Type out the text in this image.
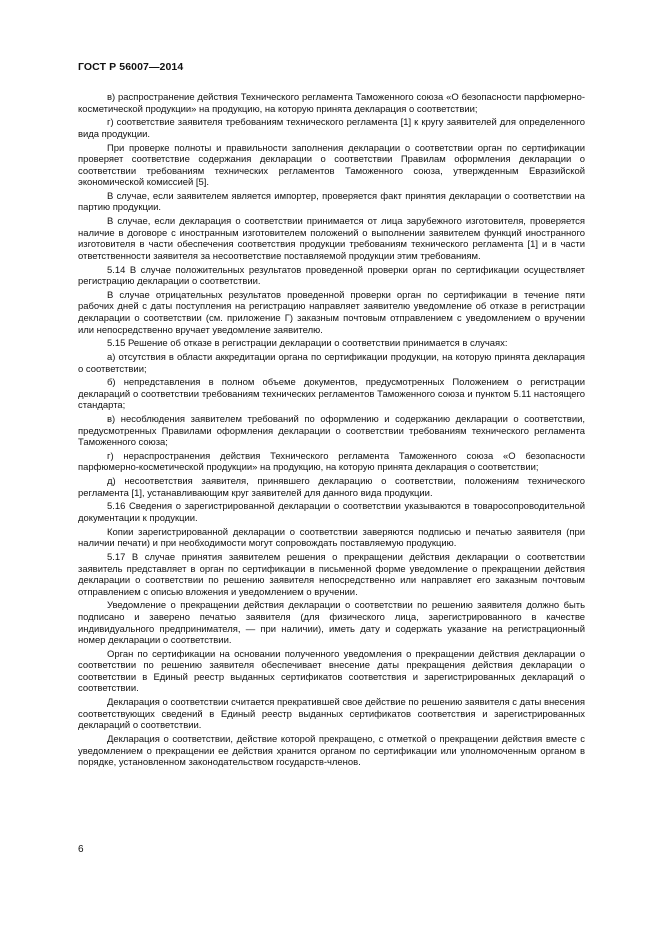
ГОСТ Р 56007—2014

в) распространение действия Технического регламента Таможенного союза «О безопасности парфюмерно-косметической продукции» на продукцию, на которую принята декларация о соответствии;

г) соответствие заявителя требованиям технического регламента [1] к кругу заявителей для определенного вида продукции.

При проверке полноты и правильности заполнения декларации о соответствии орган по сертификации проверяет соответствие содержания декларации о соответствии Правилам оформления декларации о соответствии требованиям технических регламентов Таможенного союза, утвержденным Евразийской экономической комиссией [5].

В случае, если заявителем является импортер, проверяется факт принятия декларации о соответствии на партию продукции.

В случае, если декларация о соответствии принимается от лица зарубежного изготовителя, проверяется наличие в договоре с иностранным изготовителем положений о выполнении заявителем функций иностранного изготовителя в части обеспечения соответствия продукции требованиям технического регламента [1] и в части ответственности заявителя за несоответствие поставляемой продукции этим требованиям.

5.14 В случае положительных результатов проведенной проверки орган по сертификации осуществляет регистрацию декларации о соответствии.

В случае отрицательных результатов проведенной проверки орган по сертификации в течение пяти рабочих дней с даты поступления на регистрацию направляет заявителю уведомление об отказе в регистрации декларации о соответствии (см. приложение Г) заказным почтовым отправлением с уведомлением о вручении или непосредственно вручает уведомление заявителю.

5.15 Решение об отказе в регистрации декларации о соответствии принимается в случаях:

а) отсутствия в области аккредитации органа по сертификации продукции, на которую принята декларация о соответствии;

б) непредставления в полном объеме документов, предусмотренных Положением о регистрации деклараций о соответствии требованиям технических регламентов Таможенного союза и пунктом 5.11 настоящего стандарта;

в) несоблюдения заявителем требований по оформлению и содержанию декларации о соответствии, предусмотренных Правилами оформления декларации о соответствии требованиям технического регламента Таможенного союза;

г) нераспространения действия Технического регламента Таможенного союза «О безопасности парфюмерно-косметической продукции» на продукцию, на которую принята декларация о соответствии;

д) несоответствия заявителя, принявшего декларацию о соответствии, положениям технического регламента [1], устанавливающим круг заявителей для данного вида продукции.

5.16 Сведения о зарегистрированной декларации о соответствии указываются в товаросопроводительной документации к продукции.

Копии зарегистрированной декларации о соответствии заверяются подписью и печатью заявителя (при наличии печати) и при необходимости могут сопровождать поставляемую продукцию.

5.17 В случае принятия заявителем решения о прекращении действия декларации о соответствии заявитель представляет в орган по сертификации в письменной форме уведомление о прекращении действия декларации о соответствии по решению заявителя непосредственно или направляет его заказным почтовым отправлением с описью вложения и уведомлением о вручении.

Уведомление о прекращении действия декларации о соответствии по решению заявителя должно быть подписано и заверено печатью заявителя (для физического лица, зарегистрированного в качестве индивидуального предпринимателя, — при наличии), иметь дату и содержать указание на регистрационный номер декларации о соответствии.

Орган по сертификации на основании полученного уведомления о прекращении действия декларации о соответствии по решению заявителя обеспечивает внесение даты прекращения действия декларации о соответствии в Единый реестр выданных сертификатов соответствия и зарегистрированных деклараций о соответствии.

Декларация о соответствии считается прекратившей свое действие по решению заявителя с даты внесения соответствующих сведений в Единый реестр выданных сертификатов соответствия и зарегистрированных деклараций о соответствии.

Декларация о соответствии, действие которой прекращено, с отметкой о прекращении действия вместе с уведомлением о прекращении ее действия хранится органом по сертификации или уполномоченным органом в порядке, установленном законодательством государств-членов.

6
